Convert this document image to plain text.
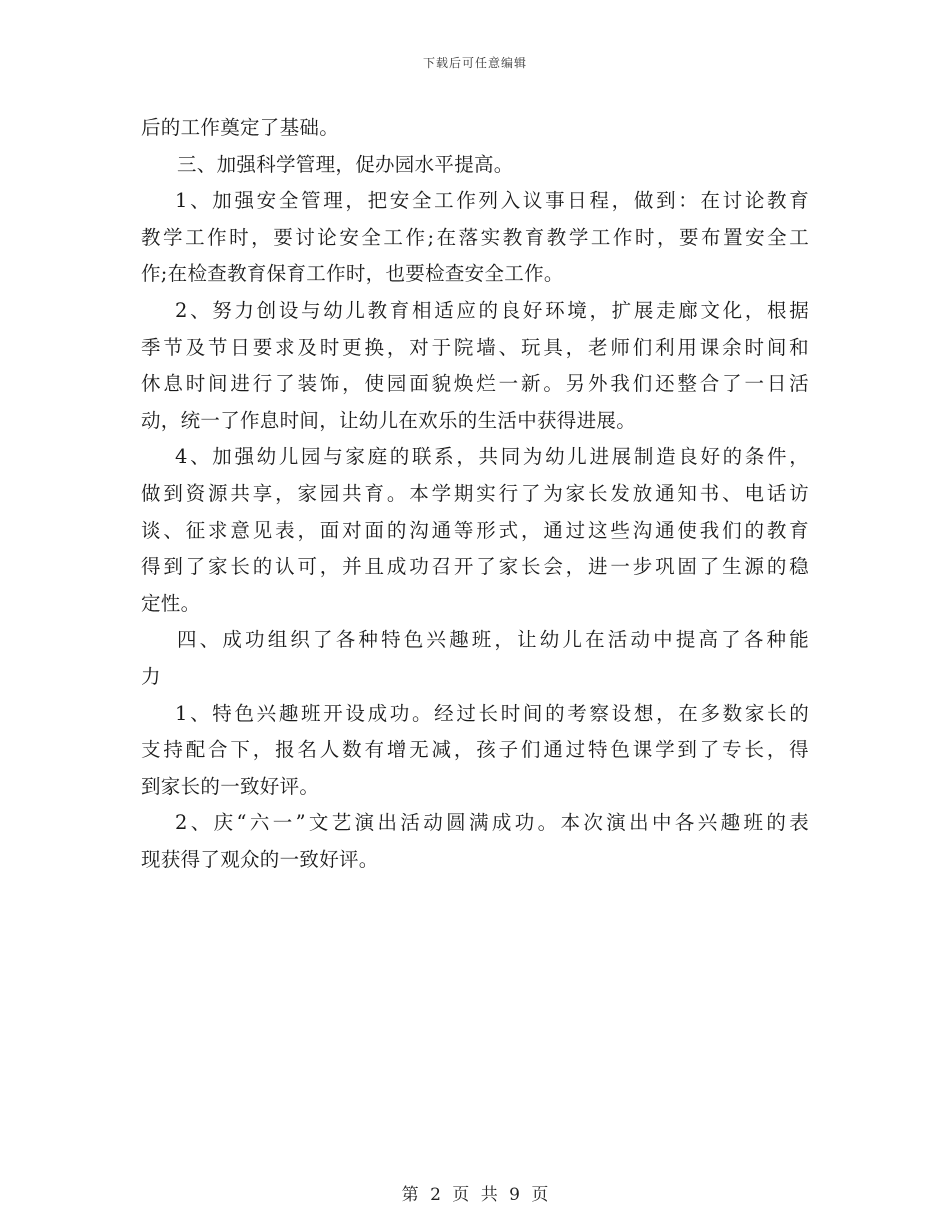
下载后可任意编辑
后的工作奠定了基础。
三、加强科学管理，促办园水平提高。
1、加强安全管理，把安全工作列入议事日程，做到：在讨论教育
教学工作时，要讨论安全工作;在落实教育教学工作时，要布置安全工
作;在检查教育保育工作时，也要检查安全工作。
2、努力创设与幼儿教育相适应的良好环境，扩展走廊文化，根据
季节及节日要求及时更换，对于院墙、玩具，老师们利用课余时间和
休息时间进行了装饰，使园面貌焕烂一新。另外我们还整合了一日活
动，统一了作息时间，让幼儿在欢乐的生活中获得进展。
4、加强幼儿园与家庭的联系，共同为幼儿进展制造良好的条件，
做到资源共享，家园共育。本学期实行了为家长发放通知书、电话访
谈、征求意见表，面对面的沟通等形式，通过这些沟通使我们的教育
得到了家长的认可，并且成功召开了家长会，进一步巩固了生源的稳
定性。
四、成功组织了各种特色兴趣班，让幼儿在活动中提高了各种能
力
1、特色兴趣班开设成功。经过长时间的考察设想，在多数家长的
支持配合下，报名人数有增无减，孩子们通过特色课学到了专长，得
到家长的一致好评。
2、庆“六一”文艺演出活动圆满成功。本次演出中各兴趣班的表
现获得了观众的一致好评。
第 2 页 共 9 页
